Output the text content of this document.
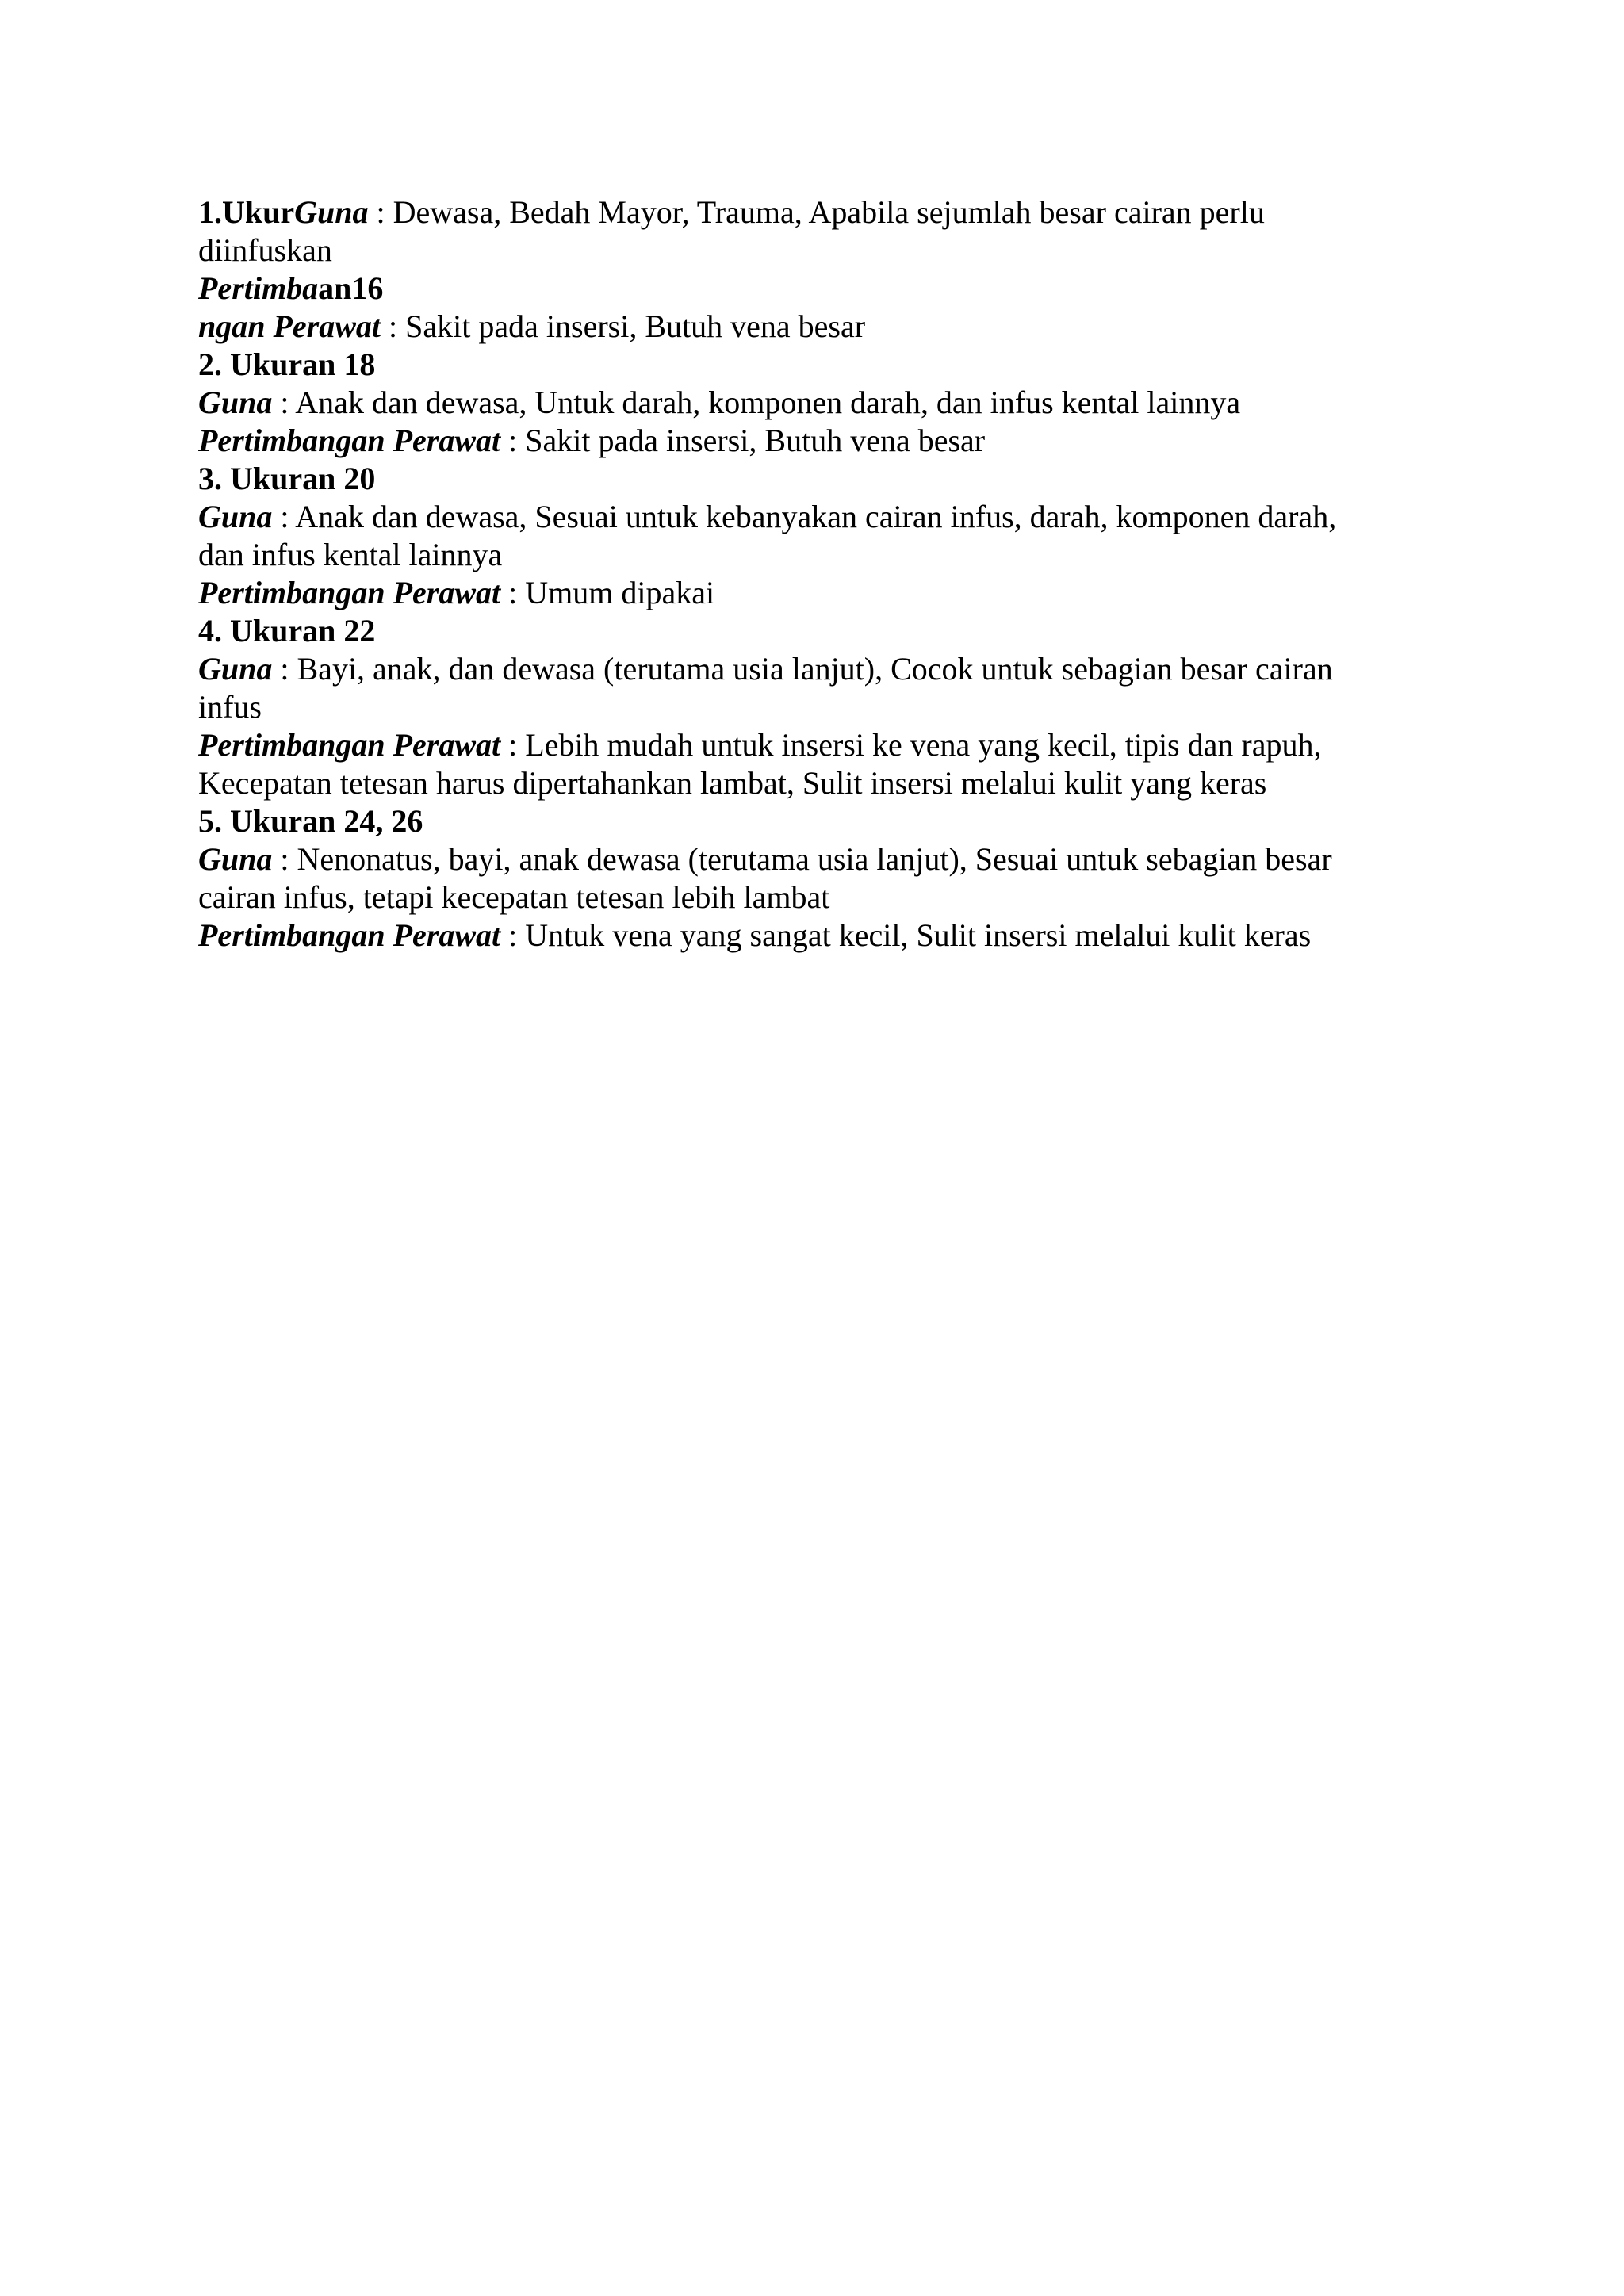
1.UkurGuna : Dewasa, Bedah Mayor, Trauma, Apabila sejumlah besar cairan perlu
diinfuskan
Pertimbaan16
ngan Perawat : Sakit pada insersi, Butuh vena besar
2. Ukuran 18
Guna : Anak dan dewasa, Untuk darah, komponen darah, dan infus kental lainnya
Pertimbangan Perawat : Sakit pada insersi, Butuh vena besar
3. Ukuran 20
Guna : Anak dan dewasa, Sesuai untuk kebanyakan cairan infus, darah, komponen darah,
dan infus kental lainnya
Pertimbangan Perawat : Umum dipakai
4. Ukuran 22
Guna : Bayi, anak, dan dewasa (terutama usia lanjut), Cocok untuk sebagian besar cairan
infus
Pertimbangan Perawat : Lebih mudah untuk insersi ke vena yang kecil, tipis dan rapuh,
Kecepatan tetesan harus dipertahankan lambat, Sulit insersi melalui kulit yang keras
5. Ukuran 24, 26
Guna : Nenonatus, bayi, anak dewasa (terutama usia lanjut), Sesuai untuk sebagian besar
cairan infus, tetapi kecepatan tetesan lebih lambat
Pertimbangan Perawat : Untuk vena yang sangat kecil, Sulit insersi melalui kulit keras
